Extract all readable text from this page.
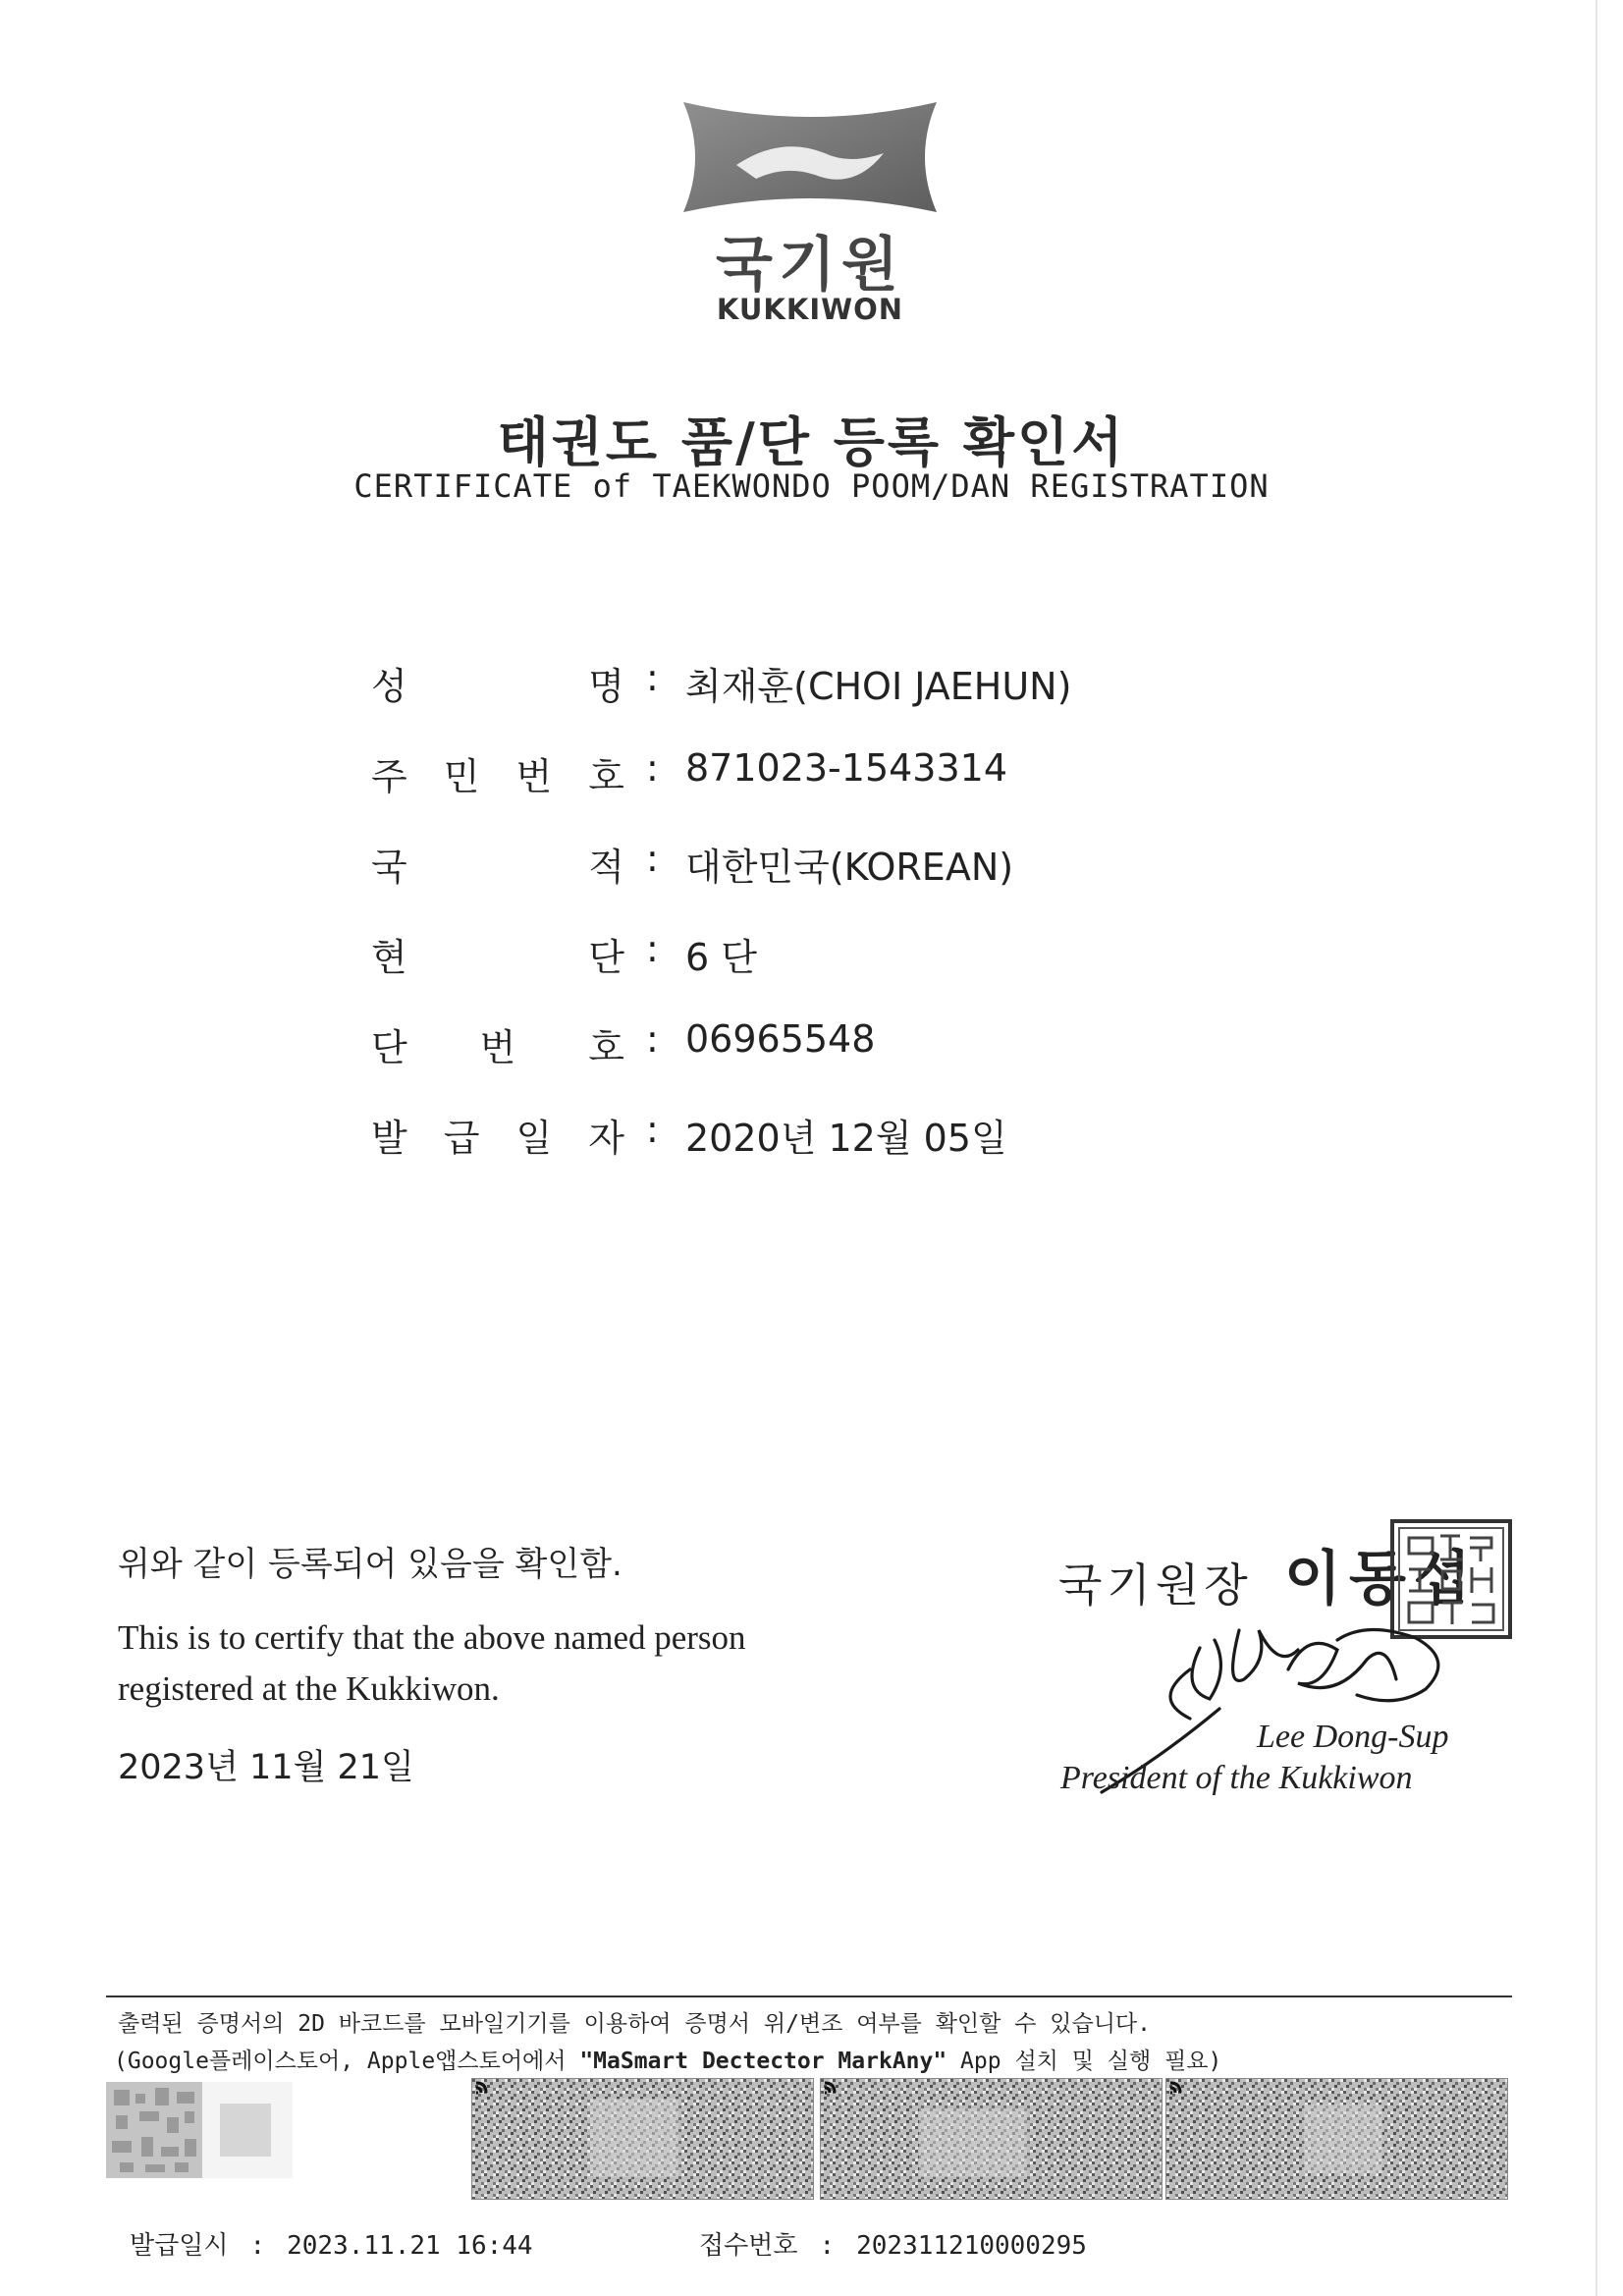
국기원
KUKKIWON
태권도 품/단 등록 확인서
CERTIFICATE of TAEKWONDO POOM/DAN REGISTRATION
성	명 : 최재훈(CHOI JAEHUN)
주 민 번 호 : 871023-1543314
국	적 : 대한민국(KOREAN)
현	단 : 6 단
단 번 호 : 06965548
발 급 일 자 : 2020년 12월 05일
위와 같이 등록되어 있음을 확인함.
This is to certify that the above named person
registered at the Kukkiwon.
2023년 11월 21일
국기원장 이동섭
Lee Dong-Sup
President of the Kukkiwon
출력된 증명서의 2D 바코드를 모바일기기를 이용하여 증명서 위/변조 여부를 확인할 수 있습니다.
(Google플레이스토어, Apple앱스토어에서 "MaSmart Dectector MarkAny" App 설치 및 실행 필요)
발급일시 : 2023.11.21 16:44	접수번호 : 202311210000295
